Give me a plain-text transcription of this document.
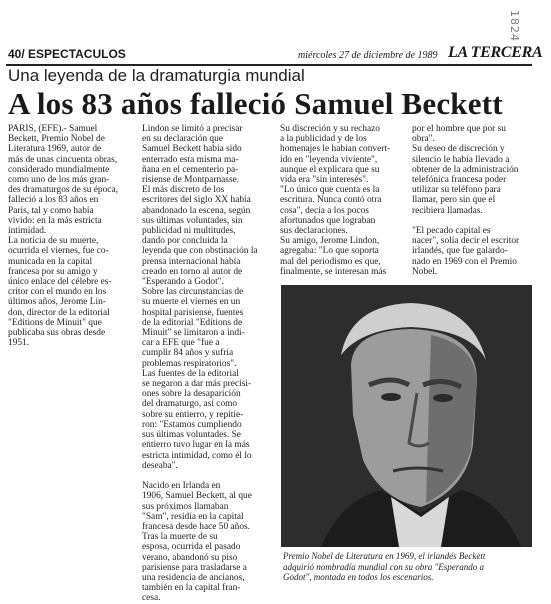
1824
40/ ESPECTACULOS	miércoles 27 de diciembre de 1989 LA TERCERA
Una leyenda de la dramaturgia mundial
A los 83 años falleció Samuel Beckett
PARIS, (EFE).- Samuel
Beckett, Premio Nobel de
Literatura 1969, autor de
más de unas cincuenta obras,
considerado mundialmente
como uno de los más gran-
des dramaturgos de su época,
falleció a los 83 años en
París, tal y como había
vivido: en la más estricta
intimidad.
La noticia de su muerte,
ocurrida el viernes, fue co-
municada en la capital
francesa por su amigo y
único enlace del célebre es-
critor con el mundo en los
últimos años, Jerome Lin-
don, director de la editorial
"Editions de Minuit" que
publicaba sus obras desde
1951.
Lindon se limitó a precisar
en su declaración que
Samuel Beckett había sido
enterrado esta misma ma-
ñana en el cementerio pa-
risiense de Montparnasse.
El más discreto de los
escritores del siglo XX había
abandonado la escena, según
sus últimas voluntades, sin
publicidad ni multitudes,
dando por concluida la
leyenda que con obstinación la
prensa internacional había
creado en torno al autor de
"Esperando a Godot".
Sobre las circunstancias de
su muerte el viernes en un
hospital parisiense, fuentes
de la editorial "Editions de
Minuit" se limitaron a indi-
car a EFE que "fue a
cumplir 84 años y sufría
problemas respiratorios".
Las fuentes de la editorial
se negaron a dar más precisi-
ones sobre la desaparición
del dramaturgo, así como
sobre su entierro, y repitie-
ron: "Estamos cumpliendo
sus últimas voluntades. Se
entierro tuvo lugar en la más
estricta intimidad, como él lo
deseaba".

Nacido en Irlanda en
1906, Samuel Beckett, al que
sus próximos llamaban
"Sam", residía en la capital
francesa desde hace 50 años.
Tras la muerte de su
esposa, ocurrida el pasado
verano, abandonó su piso
parisiense para trasladarse a
una residencia de ancianos,
también en la capital fran-
cesa.
Su discreción y su rechazo
a la publicidad y de los
homenajes le habían convert-
ido en "leyenda viviente",
aunque el explicara que su
vida era "sin interesés".
"Lo único que cuenta es la
escritura. Nunca contó otra
cosa", decía a los pocos
afortunados que lograban
sus declaraciones.
Su amigo, Jerome Lindon,
agregaba: "Lo que soporta
mal del periodismo es que,
finalmente, se interesan más
por el hombre que por su
obra".
Su deseo de discreción y
silencio le había llevado a
obtener de la administración
telefónica francesa poder
utilizar su teléfono para
llamar, pero sin que el
recibiera llamadas.

"El pecado capital es
nacer", solía decir el escritor
irlandés, que fue galardo-
nado en 1969 con el Premio
Nobel.
Premio Nobel de Literatura en 1969, el irlandés Beckett
adquirió nombradía mundial con su obra "Esperando a
Godot", montada en todos los escenarios.
